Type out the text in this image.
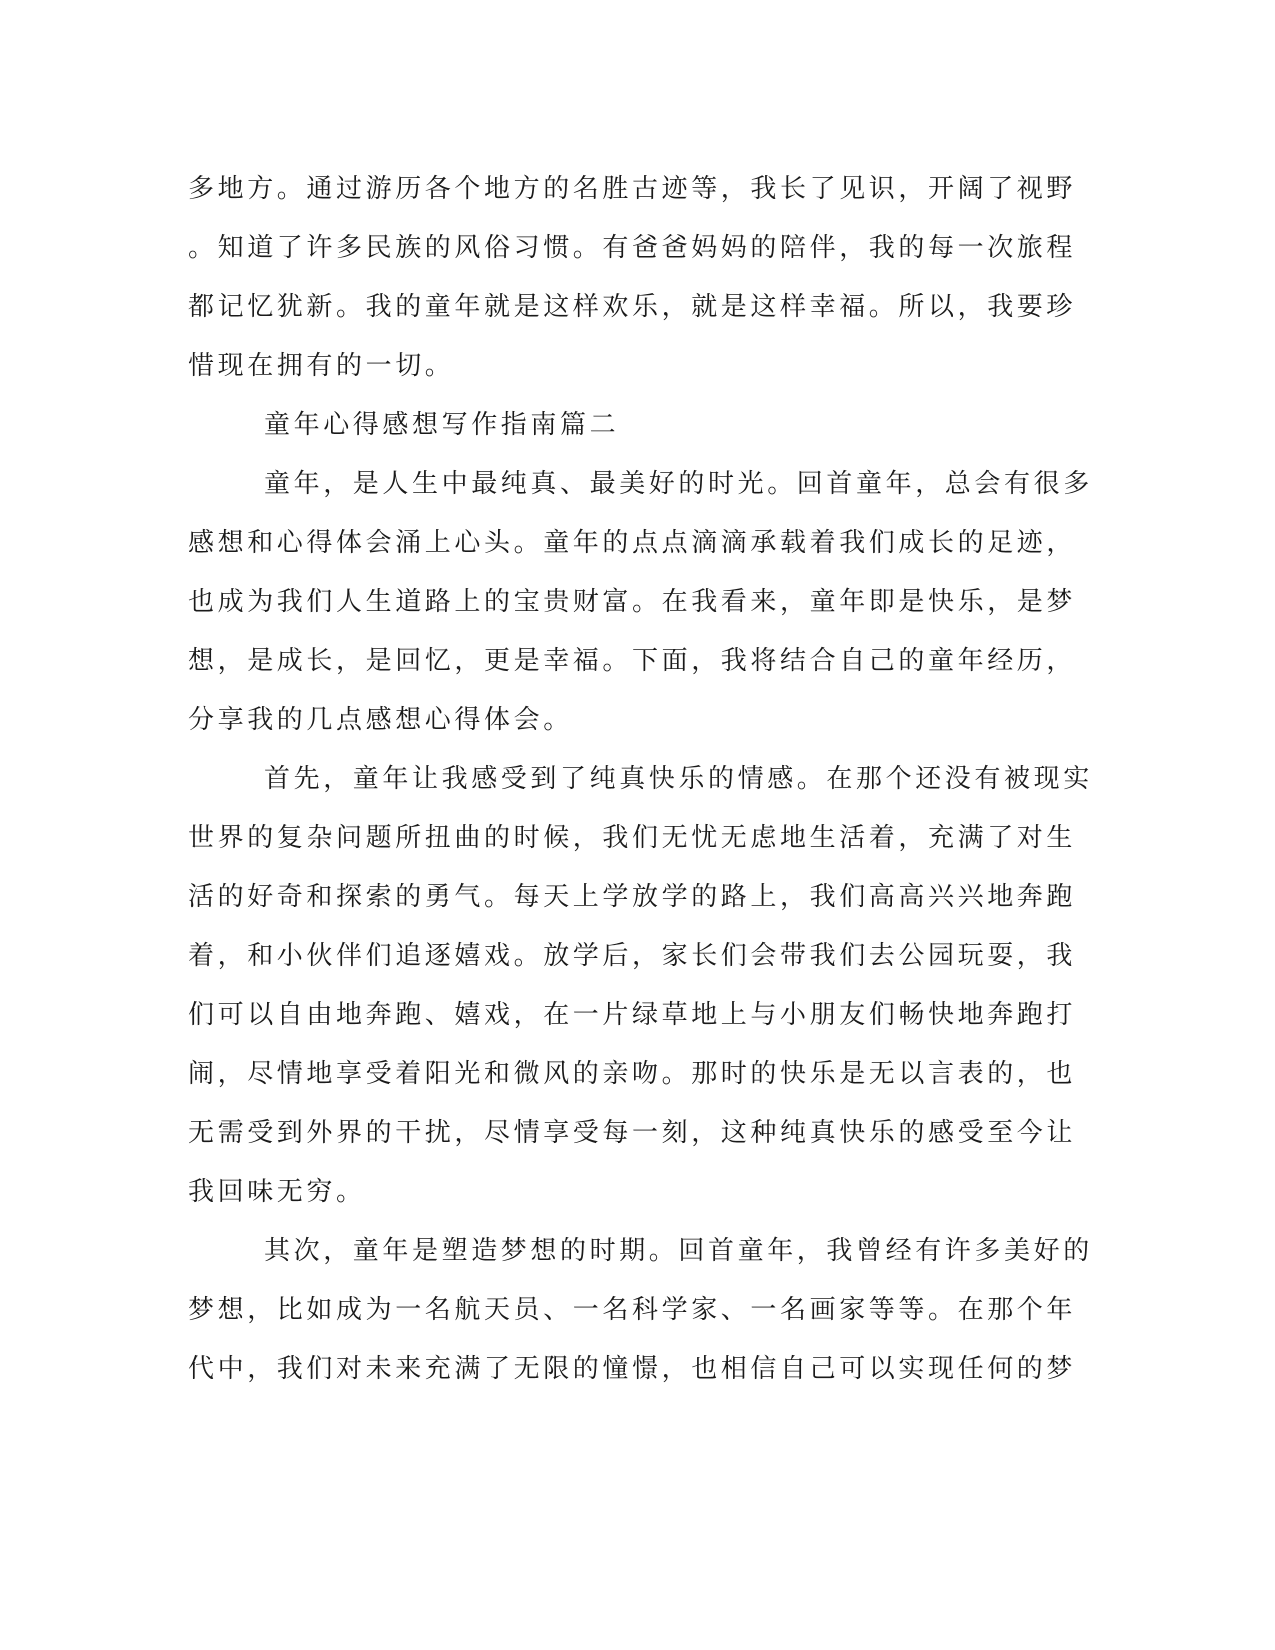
多地方。通过游历各个地方的名胜古迹等，我长了见识，开阔了视野
。知道了许多民族的风俗习惯。有爸爸妈妈的陪伴，我的每一次旅程
都记忆犹新。我的童年就是这样欢乐，就是这样幸福。所以，我要珍
惜现在拥有的一切。
童年心得感想写作指南篇二
童年，是人生中最纯真、最美好的时光。回首童年，总会有很多
感想和心得体会涌上心头。童年的点点滴滴承载着我们成长的足迹，
也成为我们人生道路上的宝贵财富。在我看来，童年即是快乐，是梦
想，是成长，是回忆，更是幸福。下面，我将结合自己的童年经历，
分享我的几点感想心得体会。
首先，童年让我感受到了纯真快乐的情感。在那个还没有被现实
世界的复杂问题所扭曲的时候，我们无忧无虑地生活着，充满了对生
活的好奇和探索的勇气。每天上学放学的路上，我们高高兴兴地奔跑
着，和小伙伴们追逐嬉戏。放学后，家长们会带我们去公园玩耍，我
们可以自由地奔跑、嬉戏，在一片绿草地上与小朋友们畅快地奔跑打
闹，尽情地享受着阳光和微风的亲吻。那时的快乐是无以言表的，也
无需受到外界的干扰，尽情享受每一刻，这种纯真快乐的感受至今让
我回味无穷。
其次，童年是塑造梦想的时期。回首童年，我曾经有许多美好的
梦想，比如成为一名航天员、一名科学家、一名画家等等。在那个年
代中，我们对未来充满了无限的憧憬，也相信自己可以实现任何的梦
